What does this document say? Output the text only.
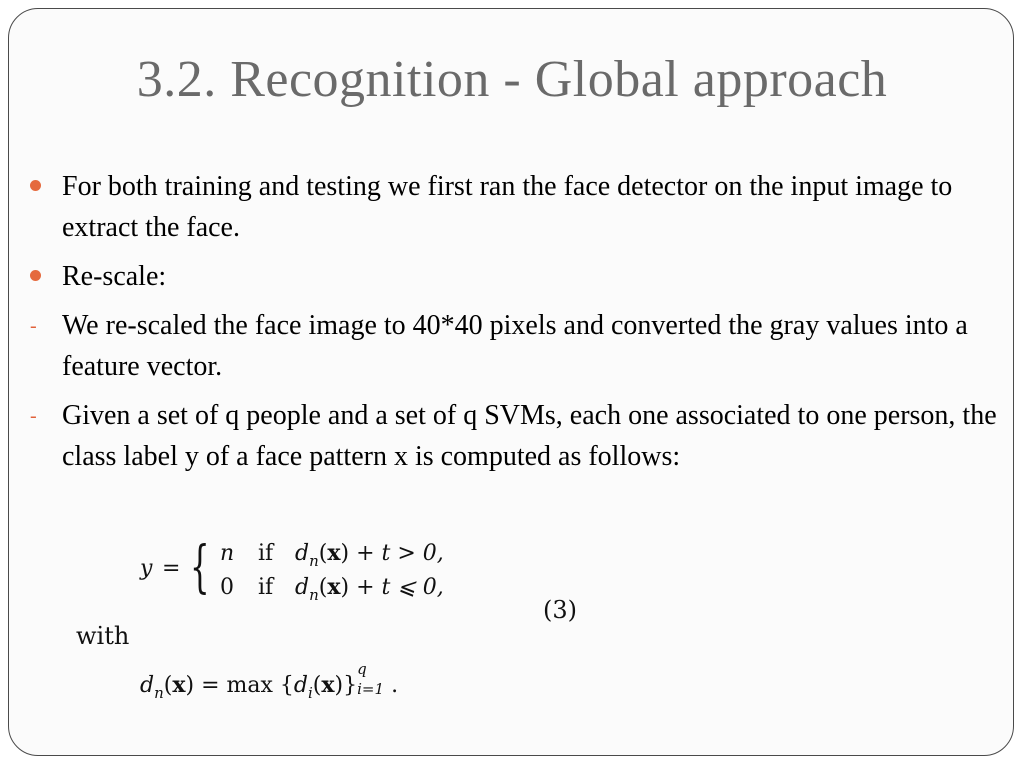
3.2. Recognition - Global approach
For both training and testing we first ran the face detector on the input image to extract the face.
Re-scale:
- We re-scaled the face image to 40*40 pixels and converted the gray values into a feature vector.
- Given a set of q people and a set of q SVMs, each one associated to one person, the class label y of a face pattern x is computed as follows:
y = { n if $d_n(x) + t > 0$,
0 if $d_n(x) + t$ ⩽ 0,
(3)
with
$d_n(x) = \max \{d_i(x)\}$
q
i=1 .
